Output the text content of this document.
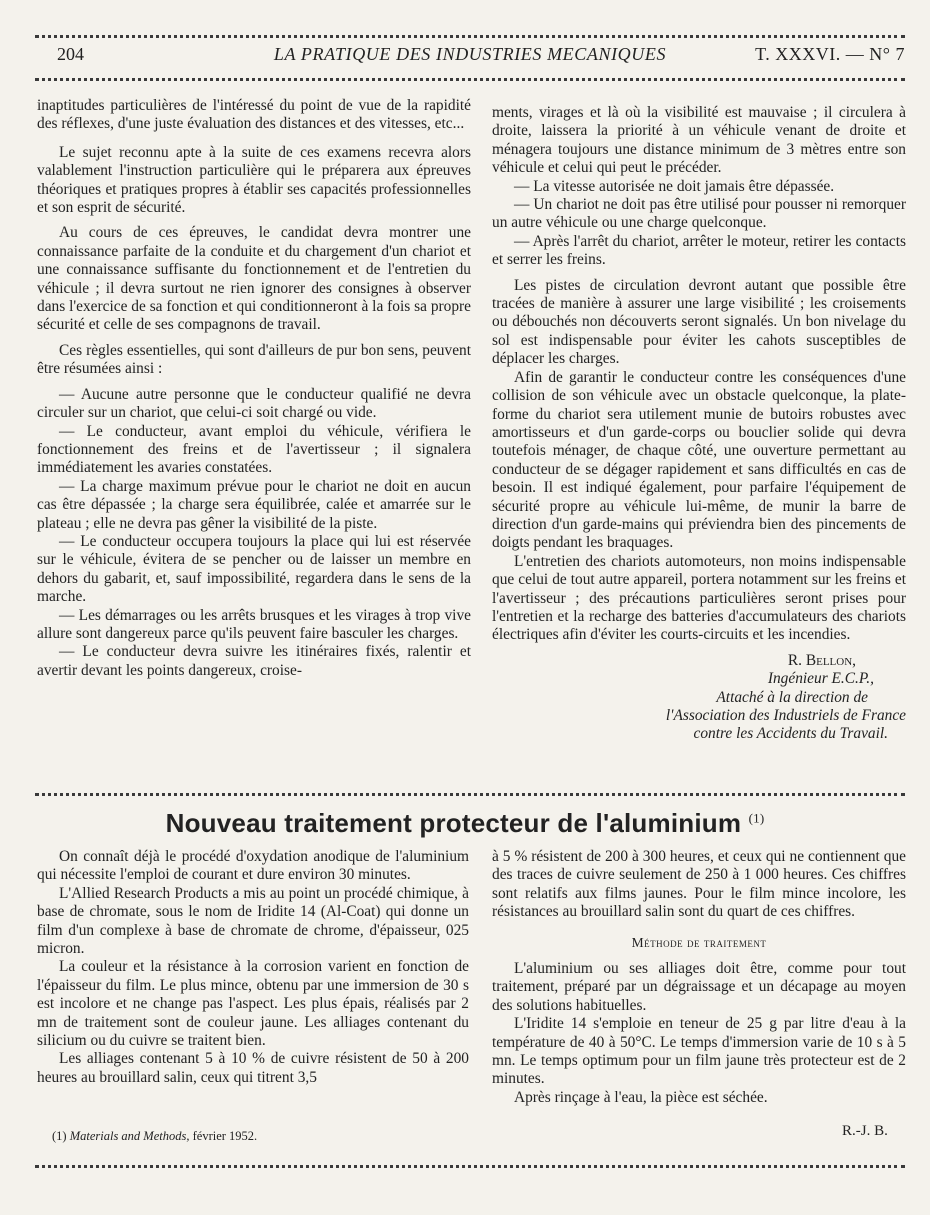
204	LA PRATIQUE DES INDUSTRIES MECANIQUES	T. XXXVI. — N° 7

inaptitudes particulières de l'intéressé du point de vue de la rapidité des réflexes, d'une juste évaluation des distances et des vitesses, etc...

Le sujet reconnu apte à la suite de ces examens recevra alors valablement l'instruction particulière qui le préparera aux épreuves théoriques et pratiques propres à établir ses capacités professionnelles et son esprit de sécurité.

Au cours de ces épreuves, le candidat devra montrer une connaissance parfaite de la conduite et du chargement d'un chariot et une connaissance suffisante du fonctionnement et de l'entretien du véhicule ; il devra surtout ne rien ignorer des consignes à observer dans l'exercice de sa fonction et qui conditionneront à la fois sa propre sécurité et celle de ses compagnons de travail.

Ces règles essentielles, qui sont d'ailleurs de pur bon sens, peuvent être résumées ainsi :

— Aucune autre personne que le conducteur qualifié ne devra circuler sur un chariot, que celui-ci soit chargé ou vide.

— Le conducteur, avant emploi du véhicule, vérifiera le fonctionnement des freins et de l'avertisseur ; il signalera immédiatement les avaries constatées.

— La charge maximum prévue pour le chariot ne doit en aucun cas être dépassée ; la charge sera équilibrée, calée et amarrée sur le plateau ; elle ne devra pas gêner la visibilité de la piste.

— Le conducteur occupera toujours la place qui lui est réservée sur le véhicule, évitera de se pencher ou de laisser un membre en dehors du gabarit, et, sauf impossibilité, regardera dans le sens de la marche.

— Les démarrages ou les arrêts brusques et les virages à trop vive allure sont dangereux parce qu'ils peuvent faire basculer les charges.

— Le conducteur devra suivre les itinéraires fixés, ralentir et avertir devant les points dangereux, croise-

ments, virages et là où la visibilité est mauvaise ; il circulera à droite, laissera la priorité à un véhicule venant de droite et ménagera toujours une distance minimum de 3 mètres entre son véhicule et celui qui peut le précéder.

— La vitesse autorisée ne doit jamais être dépassée.

— Un chariot ne doit pas être utilisé pour pousser ni remorquer un autre véhicule ou une charge quelconque.

— Après l'arrêt du chariot, arrêter le moteur, retirer les contacts et serrer les freins.

Les pistes de circulation devront autant que possible être tracées de manière à assurer une large visibilité ; les croisements ou débouchés non découverts seront signalés. Un bon nivelage du sol est indispensable pour éviter les cahots susceptibles de déplacer les charges.

Afin de garantir le conducteur contre les conséquences d'une collision de son véhicule avec un obstacle quelconque, la plate-forme du chariot sera utilement munie de butoirs robustes avec amortisseurs et d'un garde-corps ou bouclier solide qui devra toutefois ménager, de chaque côté, une ouverture permettant au conducteur de se dégager rapidement et sans difficultés en cas de besoin. Il est indiqué également, pour parfaire l'équipement de sécurité propre au véhicule lui-même, de munir la barre de direction d'un garde-mains qui préviendra bien des pincements de doigts pendant les braquages.

L'entretien des chariots automoteurs, non moins indispensable que celui de tout autre appareil, portera notamment sur les freins et l'avertisseur ; des précautions particulières seront prises pour l'entretien et la recharge des batteries d'accumulateurs des chariots électriques afin d'éviter les courts-circuits et les incendies.

R. Bellon,
Ingénieur E.C.P.,
Attaché à la direction de
l'Association des Industriels de France
contre les Accidents du Travail.
Nouveau traitement protecteur de l'aluminium $^{(1)}$

On connaît déjà le procédé d'oxydation anodique de l'aluminium qui nécessite l'emploi de courant et dure environ 30 minutes.

L'Allied Research Products a mis au point un procédé chimique, à base de chromate, sous le nom de Iridite 14 (Al-Coat) qui donne un film d'un complexe à base de chromate de chrome, d'épaisseur, 025 micron.

La couleur et la résistance à la corrosion varient en fonction de l'épaisseur du film. Le plus mince, obtenu par une immersion de 30 s est incolore et ne change pas l'aspect. Les plus épais, réalisés par 2 mn de traitement sont de couleur jaune. Les alliages contenant du silicium ou du cuivre se traitent bien.

Les alliages contenant 5 à 10 % de cuivre résistent de 50 à 200 heures au brouillard salin, ceux qui titrent 3,5

à 5 % résistent de 200 à 300 heures, et ceux qui ne contiennent que des traces de cuivre seulement de 250 à 1 000 heures. Ces chiffres sont relatifs aux films jaunes. Pour le film mince incolore, les résistances au brouillard salin sont du quart de ces chiffres.

Méthode de traitement

L'aluminium ou ses alliages doit être, comme pour tout traitement, préparé par un dégraissage et un décapage au moyen des solutions habituelles.

L'Iridite 14 s'emploie en teneur de 25 g par litre d'eau à la température de 40 à 50°C. Le temps d'immersion varie de 10 s à 5 mn. Le temps optimum pour un film jaune très protecteur est de 2 minutes.

Après rinçage à l'eau, la pièce est séchée.

(1) Materials and Methods, février 1952.	R.-J. B.
